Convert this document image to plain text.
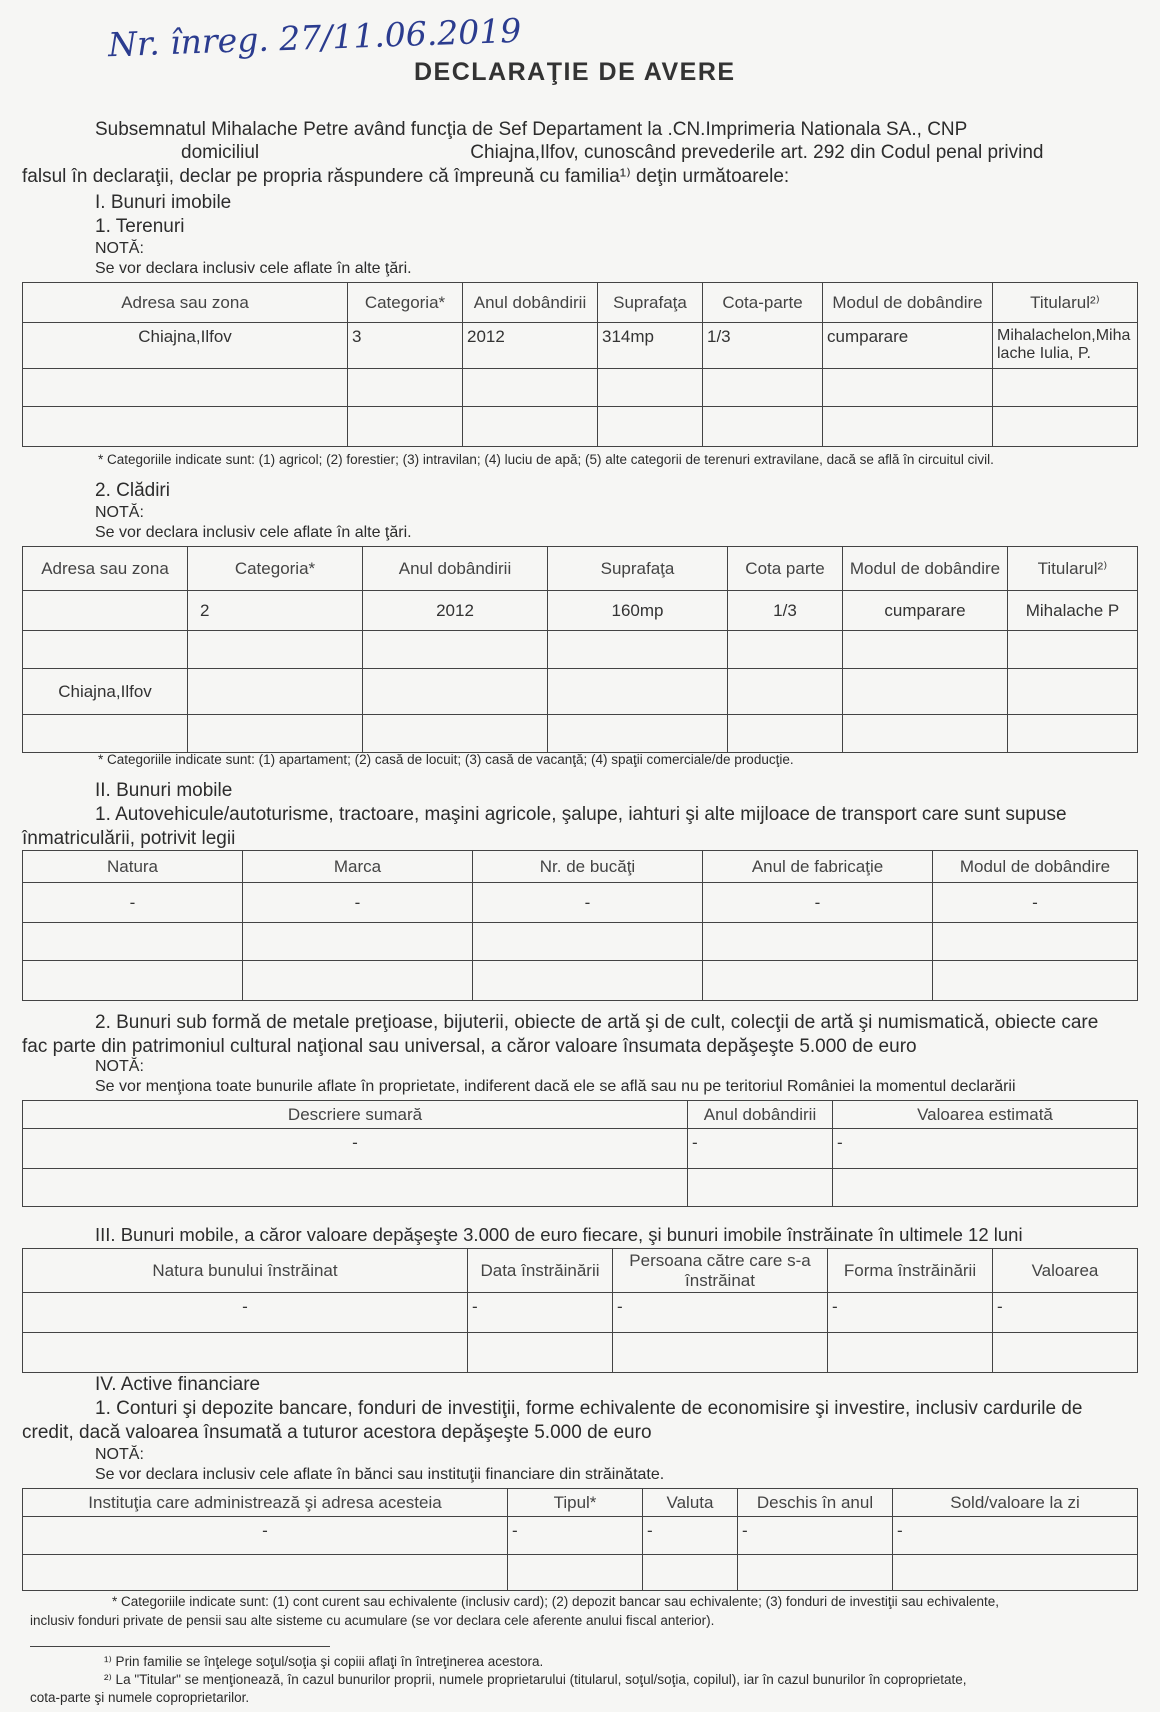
Nr. înreg. 27/11.06.2019

DECLARAŢIE DE AVERE

Subsemnatul Mihalache Petre având funcţia de Sef Departament la .CN.Imprimeria Nationala SA., CNP

domiciliul                                        Chiajna,Ilfov, cunoscând prevederile art. 292 din Codul penal privind

falsul în declaraţii, declar pe propria răspundere că împreună cu familia¹⁾ deţin următoarele:

I. Bunuri imobile

1. Terenuri

NOTĂ:

Se vor declara inclusiv cele aflate în alte ţări.

Adresa sau zona	Categoria*	Anul dobândirii	Suprafaţa	Cota-parte	Modul de dobândire	Titularul²⁾
Chiajna,Ilfov	3	2012	314mp	1/3	cumparare	Mihalachelon,Mihalache Iulia, P.

* Categoriile indicate sunt: (1) agricol; (2) forestier; (3) intravilan; (4) luciu de apă; (5) alte categorii de terenuri extravilane, dacă se află în circuitul civil.

2. Clădiri

NOTĂ:

Se vor declara inclusiv cele aflate în alte ţări.

Adresa sau zona	Categoria*	Anul dobândirii	Suprafaţa	Cota parte	Modul de dobândire	Titularul²⁾
	2	2012	160mp	1/3	cumparare	Mihalache P

Chiajna,Ilfov						

* Categoriile indicate sunt: (1) apartament; (2) casă de locuit; (3) casă de vacanţă; (4) spaţii comerciale/de producţie.

II. Bunuri mobile

1. Autovehicule/autoturisme, tractoare, maşini agricole, şalupe, iahturi şi alte mijloace de transport care sunt supuse

înmatriculării, potrivit legii

Natura	Marca	Nr. de bucăţi	Anul de fabricaţie	Modul de dobândire
-	-	-	-	-

2. Bunuri sub formă de metale preţioase, bijuterii, obiecte de artă şi de cult, colecţii de artă şi numismatică, obiecte care

fac parte din patrimoniul cultural naţional sau universal, a căror valoare însumata depăşeşte 5.000 de euro

NOTĂ:

Se vor menţiona toate bunurile aflate în proprietate, indiferent dacă ele se află sau nu pe teritoriul României la momentul declarării

Descriere sumară	Anul dobândirii	Valoarea estimată
-	-	-

III. Bunuri mobile, a căror valoare depăşeşte 3.000 de euro fiecare, şi bunuri imobile înstrăinate în ultimele 12 luni

Natura bunului înstrăinat	Data înstrăinării	Persoana către care s-a înstrăinat	Forma înstrăinării	Valoarea
-	-	-	-	-

IV. Active financiare

1. Conturi şi depozite bancare, fonduri de investiţii, forme echivalente de economisire şi investire, inclusiv cardurile de

credit, dacă valoarea însumată a tuturor acestora depăşeşte 5.000 de euro

NOTĂ:

Se vor declara inclusiv cele aflate în bănci sau instituţii financiare din străinătate.

Instituţia care administrează şi adresa acesteia	Tipul*	Valuta	Deschis în anul	Sold/valoare la zi
-	-	-	-	-

* Categoriile indicate sunt: (1) cont curent sau echivalente (inclusiv card); (2) depozit bancar sau echivalente; (3) fonduri de investiţii sau echivalente,

inclusiv fonduri private de pensii sau alte sisteme cu acumulare (se vor declara cele aferente anului fiscal anterior).

¹⁾ Prin familie se înţelege soţul/soţia şi copiii aflaţi în întreţinerea acestora.

²⁾ La "Titular" se menţionează, în cazul bunurilor proprii, numele proprietarului (titularul, soţul/soţia, copilul), iar în cazul bunurilor în coproprietate,

cota-parte şi numele coproprietarilor.
